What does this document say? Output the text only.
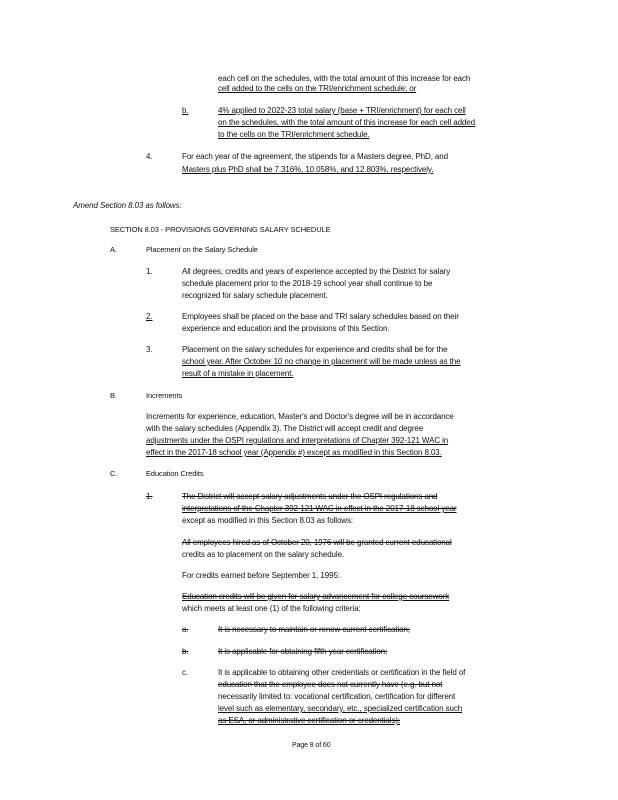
each cell on the schedules, with the total amount of this increase for each
cell added to the cells on the TRI/enrichment schedule; or
b.	4% applied to 2022-23 total salary (base + TRI/enrichment) for each cell
on the schedules, with the total amount of this increase for each cell added
to the cells on the TRI/enrichment schedule.
4.	For each year of the agreement, the stipends for a Masters degree, PhD, and
Masters plus PhD shall be 7.316%, 10.058%, and 12.803%, respectively.
Amend Section 8.03 as follows:
SECTION 8.03 - PROVISIONS GOVERNING SALARY SCHEDULE
A.	Placement on the Salary Schedule
1.	All degrees, credits and years of experience accepted by the District for salary
schedule placement prior to the 2018-19 school year shall continue to be
recognized for salary schedule placement.
2.	Employees shall be placed on the base and TRI salary schedules based on their
experience and education and the provisions of this Section.
3.	Placement on the salary schedules for experience and credits shall be for the
school year. After October 10 no change in placement will be made unless as the
result of a mistake in placement.
B.	Increments
Increments for experience, education, Master's and Doctor's degree will be in accordance
with the salary schedules (Appendix 3). The District will accept credit and degree
adjustments under the OSPI regulations and interpretations of Chapter 392-121 WAC in
effect in the 2017-18 school year (Appendix #) except as modified in this Section 8.03.
C.	Education Credits
1.	The District will accept salary adjustments under the OSPI regulations and
interpretations of the Chapter 392-121 WAC in effect in the 2017-18 school year
except as modified in this Section 8.03 as follows:
All employees hired as of October 20, 1976 will be granted current educational
credits as to placement on the salary schedule.
For credits earned before September 1, 1995:
Education credits will be given for salary advancement for college coursework
which meets at least one (1) of the following criteria:
a.	It is necessary to maintain or renew current certification;
b.	It is applicable for obtaining fifth year certification;
c.	It is applicable to obtaining other credentials or certification in the field of
education that the employee does not currently have (e.g. but not
necessarily limited to: vocational certification, certification for different
level such as elementary, secondary, etc., specialized certification such
as ESA, or administrative certification or credentials);
Page 8 of 60
